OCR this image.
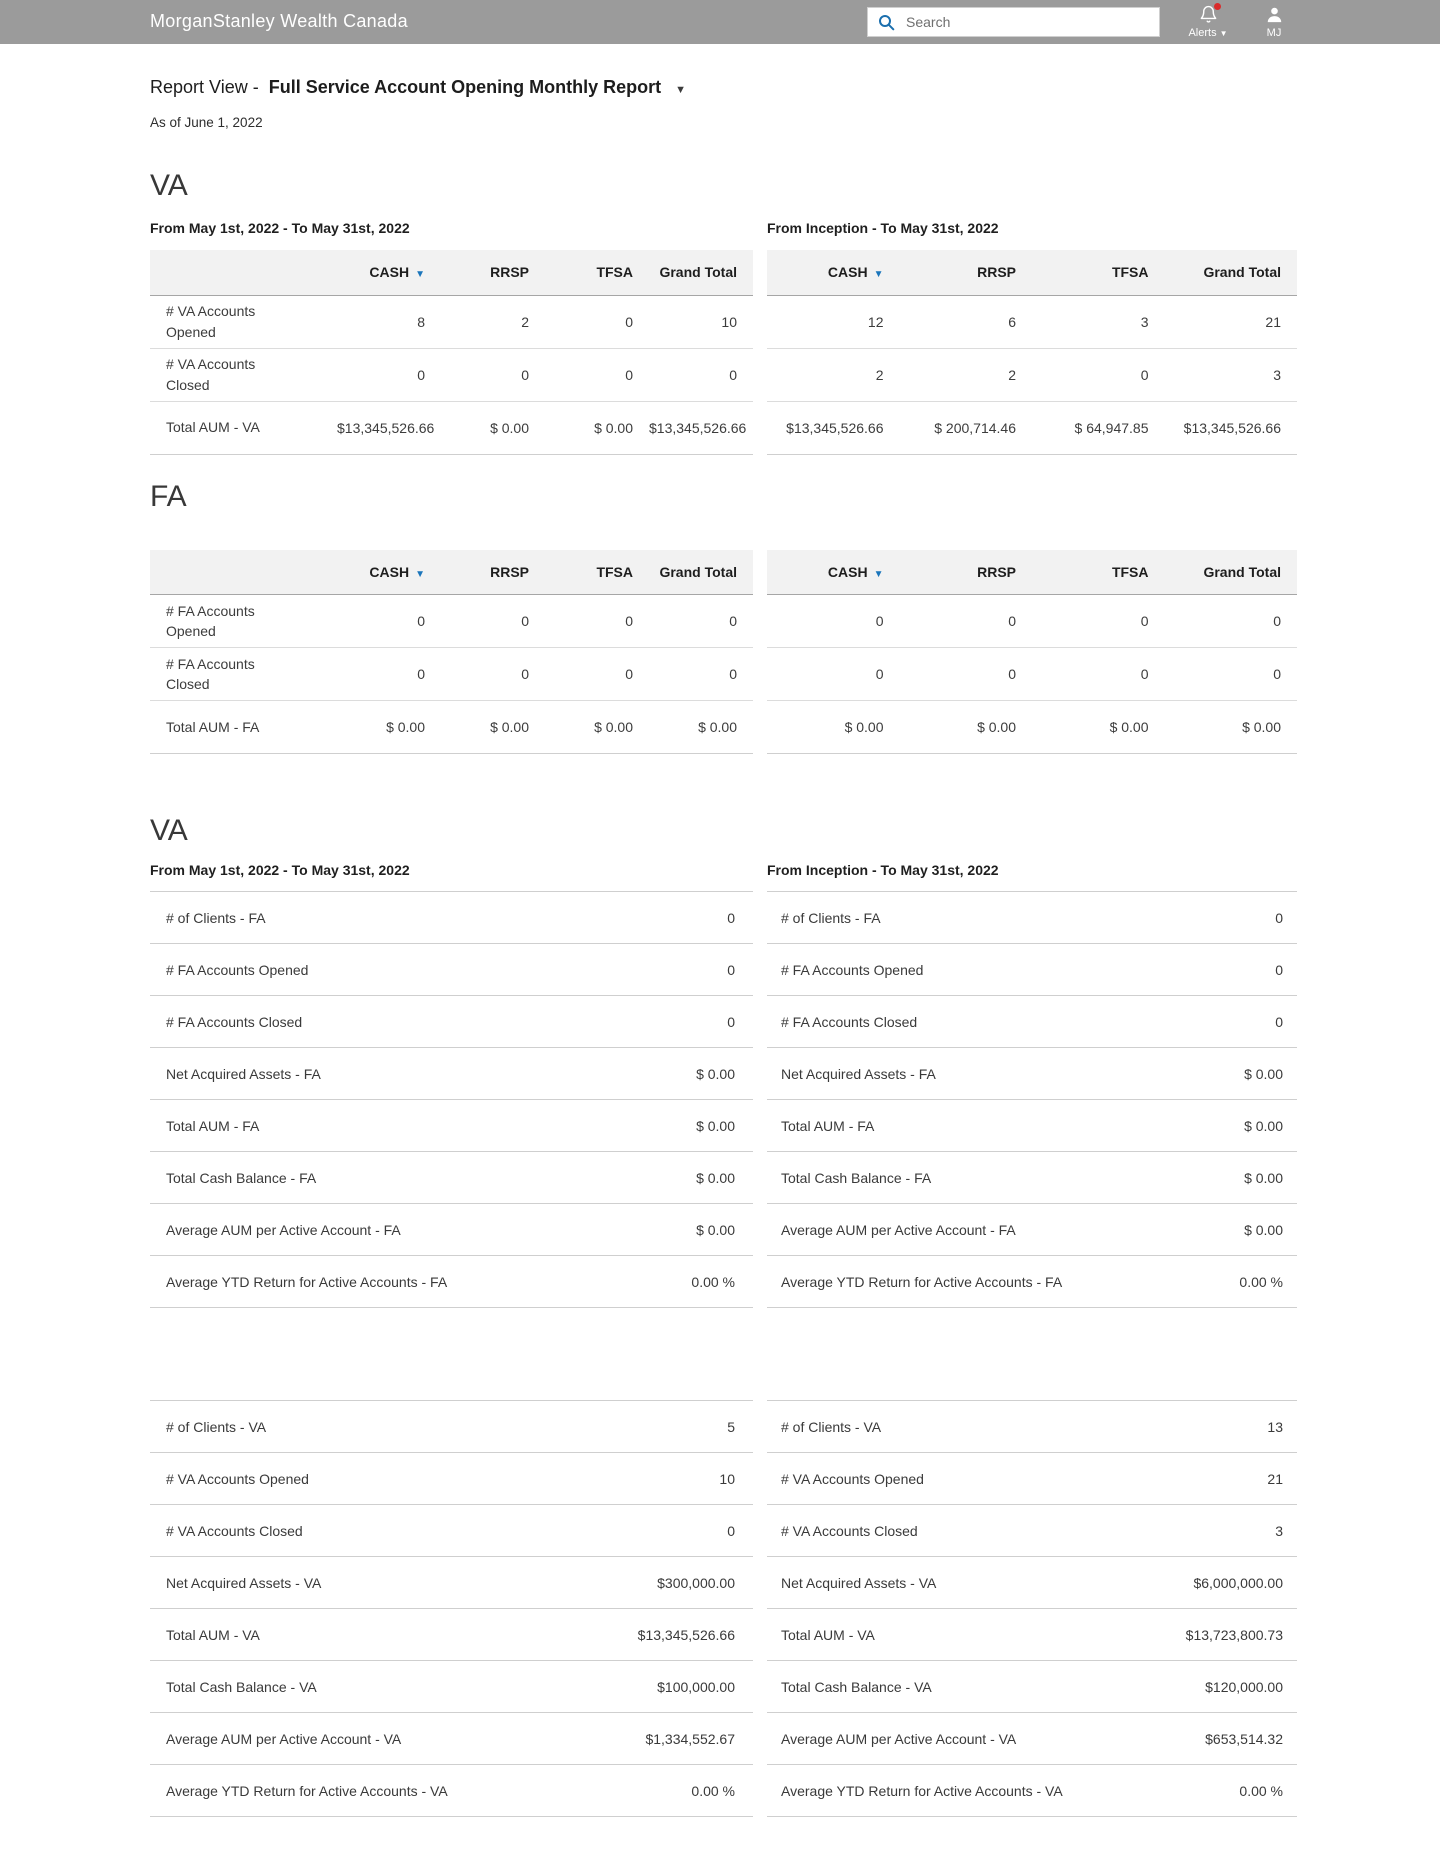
MorganStanley Wealth Canada
Search
Alerts ▼	MJ
Report View - Full Service Account Opening Monthly Report ▼
As of June 1, 2022
VA
From May 1st, 2022 - To May 31st, 2022	From Inception - To May 31st, 2022
	CASH ▼	RRSP	TFSA	Grand Total
# VA Accounts Opened	8	2	0	10
# VA Accounts Closed	0	0	0	0
Total AUM - VA	$13,345,526.66	$ 0.00	$ 0.00	$13,345,526.66
CASH ▼	RRSP	TFSA	Grand Total
12	6	3	21
2	2	0	3
$13,345,526.66	$ 200,714.46	$ 64,947.85	$13,345,526.66
FA
	CASH ▼	RRSP	TFSA	Grand Total
# FA Accounts Opened	0	0	0	0
# FA Accounts Closed	0	0	0	0
Total AUM - FA	$ 0.00	$ 0.00	$ 0.00	$ 0.00
CASH ▼	RRSP	TFSA	Grand Total
0	0	0	0
0	0	0	0
$ 0.00	$ 0.00	$ 0.00	$ 0.00
VA
From May 1st, 2022 - To May 31st, 2022	From Inception - To May 31st, 2022
# of Clients - FA	0
# FA Accounts Opened	0
# FA Accounts Closed	0
Net Acquired Assets - FA	$ 0.00
Total AUM - FA	$ 0.00
Total Cash Balance - FA	$ 0.00
Average AUM per Active Account - FA	$ 0.00
Average YTD Return for Active Accounts - FA	0.00 %
# of Clients - FA	0
# FA Accounts Opened	0
# FA Accounts Closed	0
Net Acquired Assets - FA	$ 0.00
Total AUM - FA	$ 0.00
Total Cash Balance - FA	$ 0.00
Average AUM per Active Account - FA	$ 0.00
Average YTD Return for Active Accounts - FA	0.00 %
# of Clients - VA	5
# VA Accounts Opened	10
# VA Accounts Closed	0
Net Acquired Assets - VA	$300,000.00
Total AUM - VA	$13,345,526.66
Total Cash Balance - VA	$100,000.00
Average AUM per Active Account - VA	$1,334,552.67
Average YTD Return for Active Accounts - VA	0.00 %
# of Clients - VA	13
# VA Accounts Opened	21
# VA Accounts Closed	3
Net Acquired Assets - VA	$6,000,000.00
Total AUM - VA	$13,723,800.73
Total Cash Balance - VA	$120,000.00
Average AUM per Active Account - VA	$653,514.32
Average YTD Return for Active Accounts - VA	0.00 %
